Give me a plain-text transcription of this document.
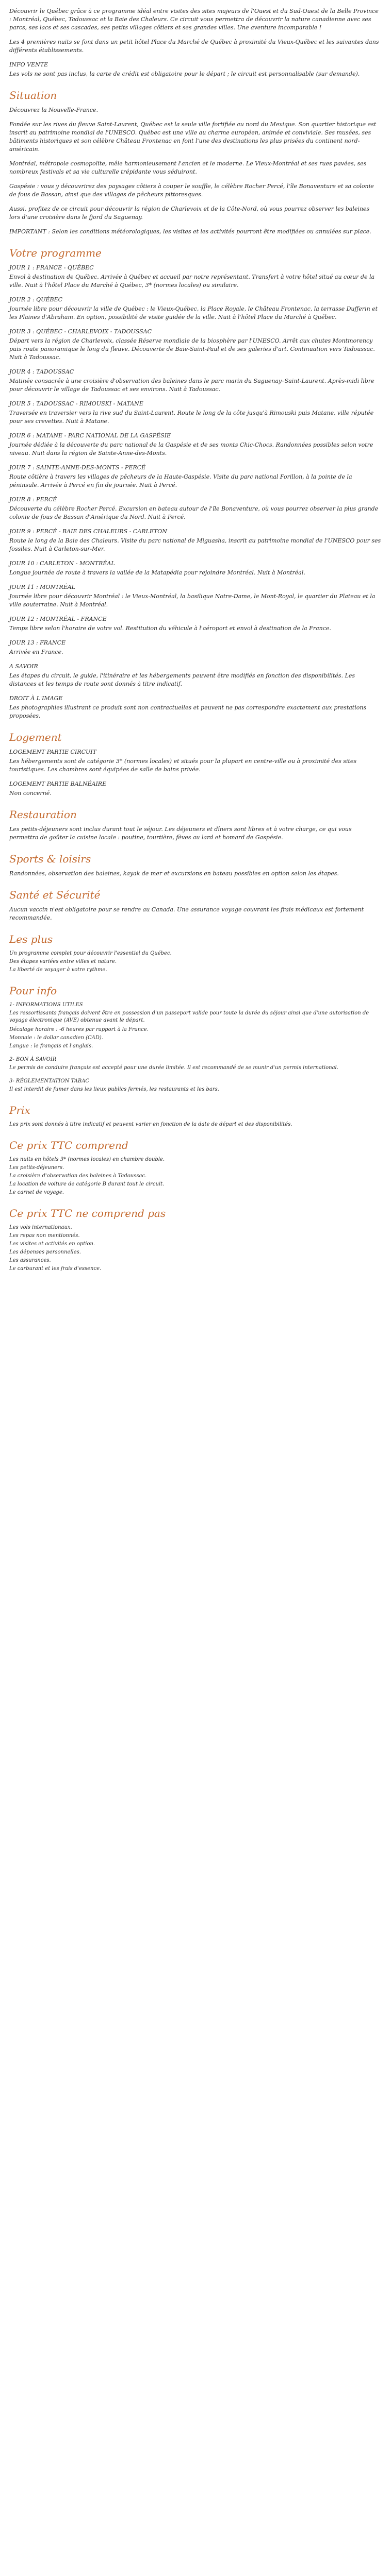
Découvrir le Québec grâce à ce programme idéal entre visites des sites majeurs de l'Ouest et du Sud-Ouest de la Belle Province : Montréal, Québec, Tadoussac et la Baie des Chaleurs. Ce circuit vous permettra de découvrir la nature canadienne avec ses parcs, ses lacs et ses cascades, ses petits villages côtiers et ses grandes villes. Une aventure incomparable !

Les 4 premières nuits se font dans un petit hôtel Place du Marché de Québec à proximité du Vieux-Québec et les suivantes dans différents établissements.

INFO VENTE

Les vols ne sont pas inclus, la carte de crédit est obligatoire pour le départ ; le circuit est personnalisable (sur demande).

Situation

Découvrez la Nouvelle-France.

Fondée sur les rives du fleuve Saint-Laurent, Québec est la seule ville fortifiée au nord du Mexique. Son quartier historique est inscrit au patrimoine mondial de l'UNESCO. Québec est une ville au charme européen, animée et conviviale. Ses musées, ses bâtiments historiques et son célèbre Château Frontenac en font l'une des destinations les plus prisées du continent nord-américain.

Montréal, métropole cosmopolite, mêle harmonieusement l'ancien et le moderne. Le Vieux-Montréal et ses rues pavées, ses nombreux festivals et sa vie culturelle trépidante vous séduiront.

Gaspésie : vous y découvrirez des paysages côtiers à couper le souffle, le célèbre Rocher Percé, l'île Bonaventure et sa colonie de fous de Bassan, ainsi que des villages de pêcheurs pittoresques.

Aussi, profitez de ce circuit pour découvrir la région de Charlevoix et de la Côte-Nord, où vous pourrez observer les baleines lors d'une croisière dans le fjord du Saguenay.

IMPORTANT : Selon les conditions météorologiques, les visites et les activités pourront être modifiées ou annulées sur place.

Votre programme

JOUR 1 : FRANCE - QUÉBEC

Envol à destination de Québec. Arrivée à Québec et accueil par notre représentant. Transfert à votre hôtel situé au cœur de la ville. Nuit à l'hôtel Place du Marché à Québec, 3* (normes locales) ou similaire.

JOUR 2 : QUÉBEC

Journée libre pour découvrir la ville de Québec : le Vieux-Québec, la Place Royale, le Château Frontenac, la terrasse Dufferin et les Plaines d'Abraham. En option, possibilité de visite guidée de la ville. Nuit à l'hôtel Place du Marché à Québec.

JOUR 3 : QUÉBEC - CHARLEVOIX - TADOUSSAC

Départ vers la région de Charlevoix, classée Réserve mondiale de la biosphère par l'UNESCO. Arrêt aux chutes Montmorency puis route panoramique le long du fleuve. Découverte de Baie-Saint-Paul et de ses galeries d'art. Continuation vers Tadoussac. Nuit à Tadoussac.

JOUR 4 : TADOUSSAC

Matinée consacrée à une croisière d'observation des baleines dans le parc marin du Saguenay–Saint-Laurent. Après-midi libre pour découvrir le village de Tadoussac et ses environs. Nuit à Tadoussac.

JOUR 5 : TADOUSSAC - RIMOUSKI - MATANE

Traversée en traversier vers la rive sud du Saint-Laurent. Route le long de la côte jusqu'à Rimouski puis Matane, ville réputée pour ses crevettes. Nuit à Matane.

JOUR 6 : MATANE - PARC NATIONAL DE LA GASPÉSIE

Journée dédiée à la découverte du parc national de la Gaspésie et de ses monts Chic-Chocs. Randonnées possibles selon votre niveau. Nuit dans la région de Sainte-Anne-des-Monts.

JOUR 7 : SAINTE-ANNE-DES-MONTS - PERCÉ

Route côtière à travers les villages de pêcheurs de la Haute-Gaspésie. Visite du parc national Forillon, à la pointe de la péninsule. Arrivée à Percé en fin de journée. Nuit à Percé.

JOUR 8 : PERCÉ

Découverte du célèbre Rocher Percé. Excursion en bateau autour de l'île Bonaventure, où vous pourrez observer la plus grande colonie de fous de Bassan d'Amérique du Nord. Nuit à Percé.

JOUR 9 : PERCÉ - BAIE DES CHALEURS - CARLETON

Route le long de la Baie des Chaleurs. Visite du parc national de Miguasha, inscrit au patrimoine mondial de l'UNESCO pour ses fossiles. Nuit à Carleton-sur-Mer.

JOUR 10 : CARLETON - MONTRÉAL

Longue journée de route à travers la vallée de la Matapédia pour rejoindre Montréal. Nuit à Montréal.

JOUR 11 : MONTRÉAL

Journée libre pour découvrir Montréal : le Vieux-Montréal, la basilique Notre-Dame, le Mont-Royal, le quartier du Plateau et la ville souterraine. Nuit à Montréal.

JOUR 12 : MONTRÉAL - FRANCE

Temps libre selon l'horaire de votre vol. Restitution du véhicule à l'aéroport et envol à destination de la France.

JOUR 13 : FRANCE

Arrivée en France.

A SAVOIR

Les étapes du circuit, le guide, l'itinéraire et les hébergements peuvent être modifiés en fonction des disponibilités. Les distances et les temps de route sont donnés à titre indicatif.

DROIT À L'IMAGE

Les photographies illustrant ce produit sont non contractuelles et peuvent ne pas correspondre exactement aux prestations proposées.

Logement

LOGEMENT PARTIE CIRCUIT

Les hébergements sont de catégorie 3* (normes locales) et situés pour la plupart en centre-ville ou à proximité des sites touristiques. Les chambres sont équipées de salle de bains privée.

LOGEMENT PARTIE BALNÉAIRE

Non concerné.

Restauration

Les petits-déjeuners sont inclus durant tout le séjour. Les déjeuners et dîners sont libres et à votre charge, ce qui vous permettra de goûter la cuisine locale : poutine, tourtière, fèves au lard et homard de Gaspésie.

Sports & loisirs

Randonnées, observation des baleines, kayak de mer et excursions en bateau possibles en option selon les étapes.

Santé et Sécurité

Aucun vaccin n'est obligatoire pour se rendre au Canada. Une assurance voyage couvrant les frais médicaux est fortement recommandée.

Les plus
Un programme complet pour découvrir l'essentiel du Québec.
Des étapes variées entre villes et nature.
La liberté de voyager à votre rythme.
Pour info

1- INFORMATIONS UTILES

Les ressortissants français doivent être en possession d'un passeport valide pour toute la durée du séjour ainsi que d'une autorisation de voyage électronique (AVE) obtenue avant le départ.

Décalage horaire : -6 heures par rapport à la France.

Monnaie : le dollar canadien (CAD).

Langue : le français et l'anglais.

2- BON À SAVOIR

Le permis de conduire français est accepté pour une durée limitée. Il est recommandé de se munir d'un permis international.

3- RÉGLEMENTATION TABAC

Il est interdit de fumer dans les lieux publics fermés, les restaurants et les bars.

Prix

Les prix sont donnés à titre indicatif et peuvent varier en fonction de la date de départ et des disponibilités.

Ce prix TTC comprend
Les nuits en hôtels 3* (normes locales) en chambre double.
Les petits-déjeuners.
La croisière d'observation des baleines à Tadoussac.
La location de voiture de catégorie B durant tout le circuit.
Le carnet de voyage.
Ce prix TTC ne comprend pas
Les vols internationaux.
Les repas non mentionnés.
Les visites et activités en option.
Les dépenses personnelles.
Les assurances.
Le carburant et les frais d'essence.
